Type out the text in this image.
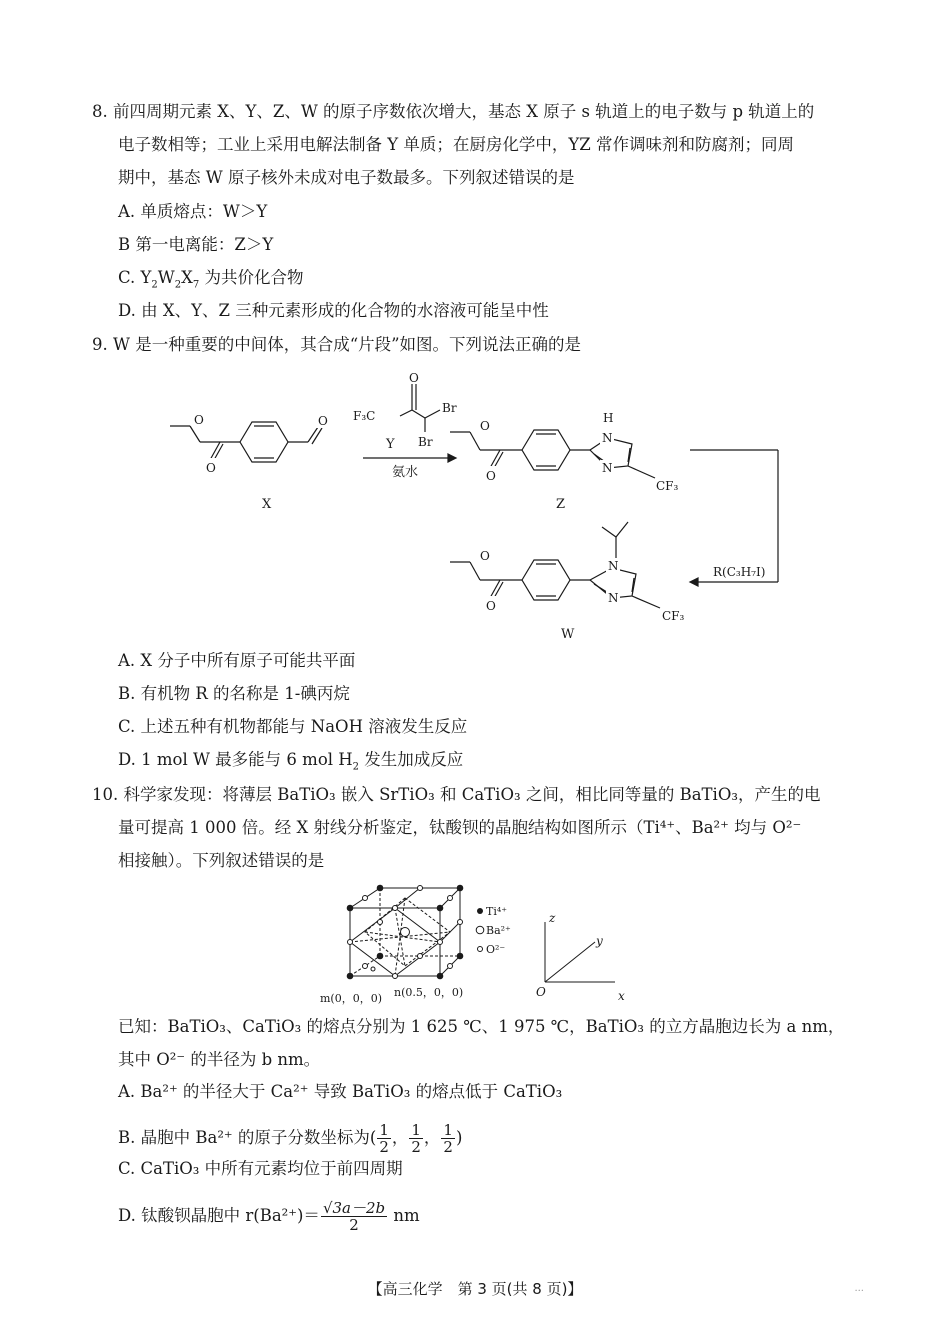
8. 前四周期元素 X、Y、Z、W 的原子序数依次增大，基态 X 原子 s 轨道上的电子数与 p 轨道上的
电子数相等；工业上采用电解法制备 Y 单质；在厨房化学中，YZ 常作调味剂和防腐剂；同周
期中，基态 W 原子核外未成对电子数最多。下列叙述错误的是
A. 单质熔点：W＞Y
B 第一电离能：Z＞Y
C. $Y_2W_2X_7$ 为共价化合物
D. 由 X、Y、Z 三种元素形成的化合物的水溶液可能呈中性
9. W 是一种重要的中间体，其合成“片段”如图。下列说法正确的是
O
O
O
X
O
F₃C
Br
Br
Y
氨水
O
O
H
N
N
CF₃
Z
R(C₃H₇I)
O
O
N
N
CF₃
W
A. X 分子中所有原子可能共平面
B. 有机物 R 的名称是 1-碘丙烷
C. 上述五种有机物都能与 NaOH 溶液发生反应
D. 1 mol W 最多能与 6 mol $H_2$ 发生加成反应
10. 科学家发现：将薄层 BaTiO₃ 嵌入 SrTiO₃ 和 CaTiO₃ 之间，相比同等量的 BaTiO₃，产生的电
量可提高 1 000 倍。经 X 射线分析鉴定，钛酸钡的晶胞结构如图所示（Ti⁴⁺、Ba²⁺ 均与 O²⁻
相接触）。下列叙述错误的是
Ti⁴⁺
Ba²⁺
O²⁻
z
y
x
O
m(0，0，0) n(0.5，0，0)
已知：BaTiO₃、CaTiO₃ 的熔点分别为 1 625 ℃、1 975 ℃，BaTiO₃ 的立方晶胞边长为 a nm，
其中 O²⁻ 的半径为 b nm。
A. Ba²⁺ 的半径大于 Ca²⁺ 导致 BaTiO₃ 的熔点低于 CaTiO₃
B. 晶胞中 Ba²⁺ 的原子分数坐标为( $\frac{1}{2}$ ， $\frac{1}{2}$ ， $\frac{1}{2}$ )
C. CaTiO₃ 中所有元素均位于前四周期
D. 钛酸钡晶胞中 $r(Ba^{2+})= \frac{√3a-2b}{2}$ nm
【高三化学　第 3 页(共 8 页)】	...
